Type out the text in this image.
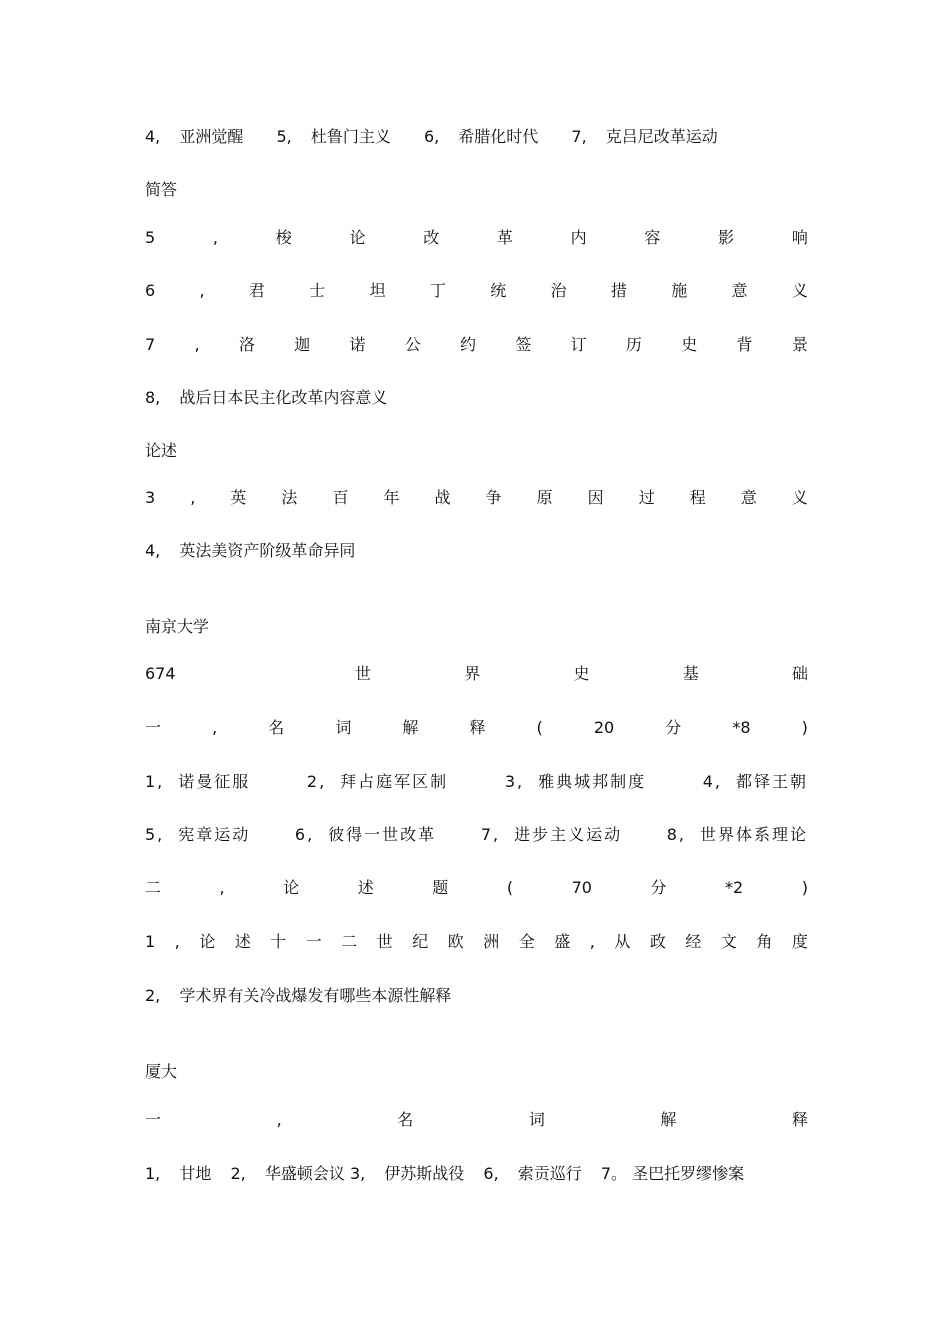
4, 亚洲觉醒 5, 杜鲁门主义 6, 希腊化时代 7, 克吕尼改革运动
简答
5	,	梭	论	改	革	内	容	影	响
6	,	君	士	坦	丁	统	治	措	施	意	义
7 , 洛 迦 诺 公 约 签 订 历 史 背 景
8, 战后日本民主化改革内容意义
论述
3 , 英 法 百 年 战 争 原 因 过 程 意 义
4, 英法美资产阶级革命异同
南京大学
674	世	界	史	基	础
一	,	名	词	解	释	(	20	分	*8	)
1, 诺曼征服	2, 拜占庭军区制	3, 雅典城邦制度	4, 都铎王朝
5, 宪章运动	6, 彼得一世改革	7, 进步主义运动	8, 世界体系理论
二	,	论	述	题	(	70	分	*2	)
1 , 论 述 十 一 二 世 纪 欧 洲 全 盛 , 从 政 经 文 角 度
2, 学术界有关冷战爆发有哪些本源性解释
厦大
一	,	名	词	解	释
1, 甘地 2, 华盛顿会议 3, 伊苏斯战役 6, 索贡巡行 7。 圣巴托罗缪惨案
